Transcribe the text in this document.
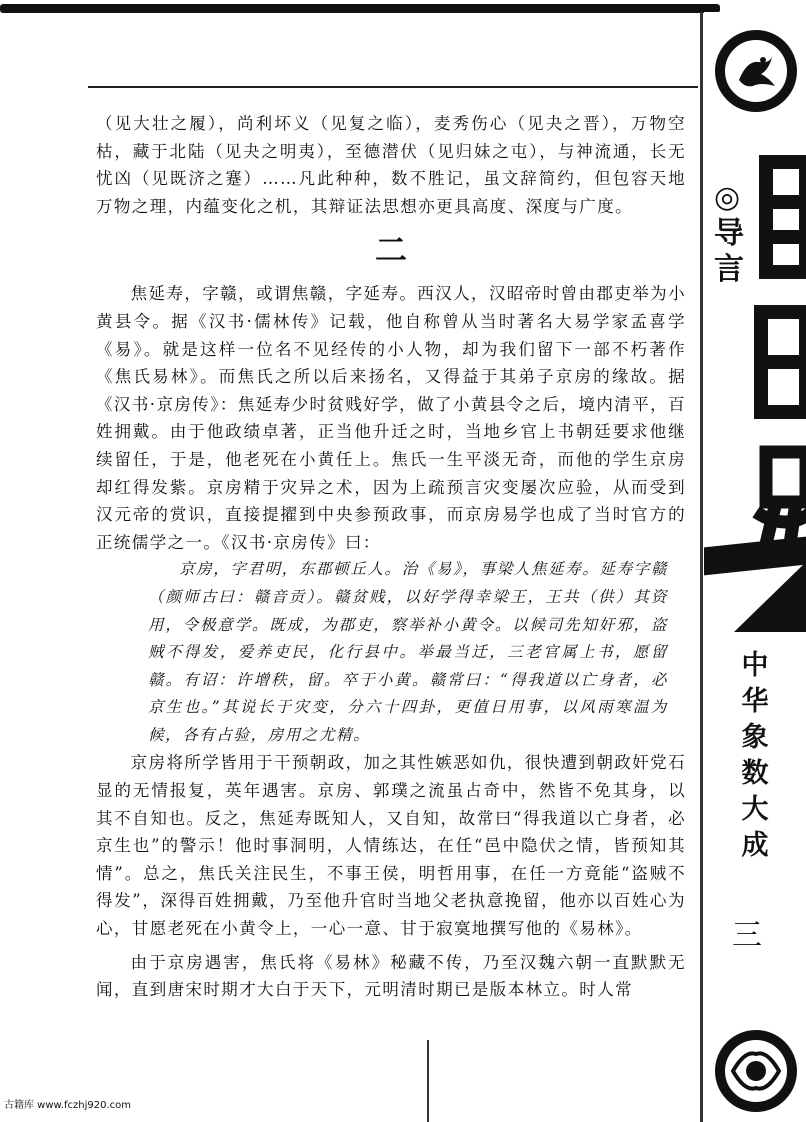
（见大壮之履），尚利坏义（见复之临），麦秀伤心（见夬之晋），万物空枯，藏于北陆（见夬之明夷），至德潜伏（见归妹之屯），与神流通，长无忧凶（见既济之蹇）……凡此种种，数不胜记，虽文辞简约，但包容天地万物之理，内蕴变化之机，其辩证法思想亦更具高度、深度与广度。

二

焦延寿，字赣，或谓焦赣，字延寿。西汉人，汉昭帝时曾由郡吏举为小黄县令。据《汉书·儒林传》记载，他自称曾从当时著名大易学家孟喜学《易》。就是这样一位名不见经传的小人物，却为我们留下一部不朽著作《焦氏易林》。而焦氏之所以后来扬名，又得益于其弟子京房的缘故。据《汉书·京房传》：焦延寿少时贫贱好学，做了小黄县令之后，境内清平，百姓拥戴。由于他政绩卓著，正当他升迁之时，当地乡官上书朝廷要求他继续留任，于是，他老死在小黄任上。焦氏一生平淡无奇，而他的学生京房却红得发紫。京房精于灾异之术，因为上疏预言灾变屡次应验，从而受到汉元帝的赏识，直接提擢到中央参预政事，而京房易学也成了当时官方的正统儒学之一。《汉书·京房传》曰：

京房，字君明，东郡顿丘人。治《易》，事梁人焦延寿。延寿字赣（颜师古曰：赣音贡）。赣贫贱，以好学得幸梁王，王共（供）其资用，令极意学。既成，为郡吏，察举补小黄令。以候司先知奸邪，盗贼不得发，爱养吏民，化行县中。举最当迁，三老官属上书，愿留赣。有诏：许增秩，留。卒于小黄。赣常曰：“得我道以亡身者，必京生也。”其说长于灾变，分六十四卦，更值日用事，以风雨寒温为候，各有占验，房用之尤精。

京房将所学皆用于干预朝政，加之其性嫉恶如仇，很快遭到朝政奸党石显的无情报复，英年遇害。京房、郭璞之流虽占奇中，然皆不免其身，以其不自知也。反之，焦延寿既知人，又自知，故常曰“得我道以亡身者，必京生也”的警示！他时事洞明，人情练达，在任“邑中隐伏之情，皆预知其情”。总之，焦氏关注民生，不事王侯，明哲用事，在任一方竟能“盗贼不得发”，深得百姓拥戴，乃至他升官时当地父老执意挽留，他亦以百姓心为心，甘愿老死在小黄令上，一心一意、甘于寂寞地撰写他的《易林》。

由于京房遇害，焦氏将《易林》秘藏不传，乃至汉魏六朝一直默默无闻，直到唐宋时期才大白于天下，元明清时期已是版本林立。时人常

◎
导
言
中
华
象
数
大
成
三
古籍库 www.fczhj920.com
